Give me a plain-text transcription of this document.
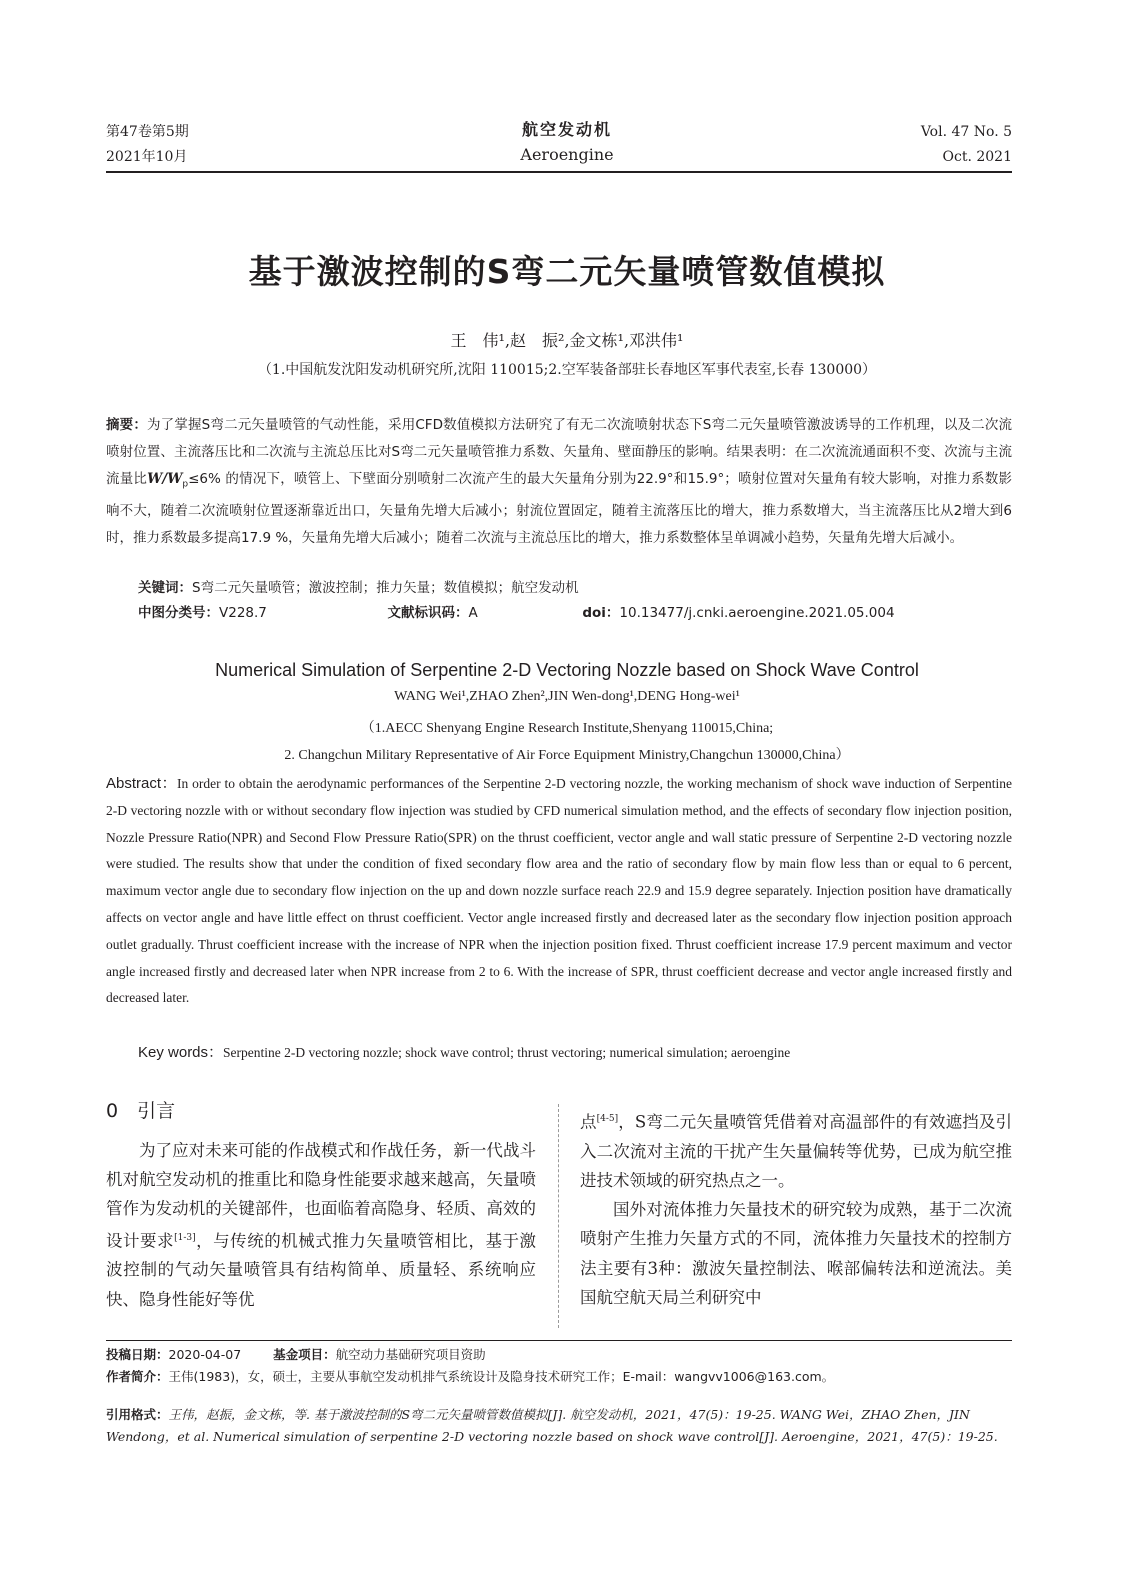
第47卷第5期
2021年10月
航空发动机
Aeroengine
Vol. 47 No. 5
Oct. 2021
基于激波控制的S弯二元矢量喷管数值模拟
王　伟¹,赵　振²,金文栋¹,邓洪伟¹
（1.中国航发沈阳发动机研究所,沈阳 110015;2.空军装备部驻长春地区军事代表室,长春 130000）
摘要：为了掌握S弯二元矢量喷管的气动性能，采用CFD数值模拟方法研究了有无二次流喷射状态下S弯二元矢量喷管激波诱导的工作机理，以及二次流喷射位置、主流落压比和二次流与主流总压比对S弯二元矢量喷管推力系数、矢量角、壁面静压的影响。结果表明：在二次流流通面积不变、次流与主流流量比$W/W_p\le 6\%$ 的情况下，喷管上、下壁面分别喷射二次流产生的最大矢量角分别为22.9°和15.9°；喷射位置对矢量角有较大影响，对推力系数影响不大，随着二次流喷射位置逐渐靠近出口，矢量角先增大后减小；射流位置固定，随着主流落压比的增大，推力系数增大，当主流落压比从2增大到6时，推力系数最多提高17.9 %，矢量角先增大后减小；随着二次流与主流总压比的增大，推力系数整体呈单调减小趋势，矢量角先增大后减小。
关键词：S弯二元矢量喷管；激波控制；推力矢量；数值模拟；航空发动机
中图分类号：V228.7	文献标识码：A	doi：10.13477/j.cnki.aeroengine.2021.05.004
Numerical Simulation of Serpentine 2-D Vectoring Nozzle based on Shock Wave Control
WANG Wei¹,ZHAO Zhen²,JIN Wen-dong¹,DENG Hong-wei¹
（1.AECC Shenyang Engine Research Institute,Shenyang 110015,China;
2. Changchun Military Representative of Air Force Equipment Ministry,Changchun 130000,China）
Abstract：In order to obtain the aerodynamic performances of the Serpentine 2-D vectoring nozzle, the working mechanism of shock wave induction of Serpentine 2-D vectoring nozzle with or without secondary flow injection was studied by CFD numerical simulation method, and the effects of secondary flow injection position, Nozzle Pressure Ratio(NPR) and Second Flow Pressure Ratio(SPR) on the thrust coefficient, vector angle and wall static pressure of Serpentine 2-D vectoring nozzle were studied. The results show that under the condition of fixed secondary flow area and the ratio of secondary flow by main flow less than or equal to 6 percent, maximum vector angle due to secondary flow injection on the up and down nozzle surface reach 22.9 and 15.9 degree separately. Injection position have dramatically affects on vector angle and have little effect on thrust coefficient. Vector angle increased firstly and decreased later as the secondary flow injection position approach outlet gradually. Thrust coefficient increase with the increase of NPR when the injection position fixed. Thrust coefficient increase 17.9 percent maximum and vector angle increased firstly and decreased later when NPR increase from 2 to 6. With the increase of SPR, thrust coefficient decrease and vector angle increased firstly and decreased later.
Key words：Serpentine 2-D vectoring nozzle; shock wave control; thrust vectoring; numerical simulation; aeroengine
0　引言
为了应对未来可能的作战模式和作战任务，新一代战斗机对航空发动机的推重比和隐身性能要求越来越高，矢量喷管作为发动机的关键部件，也面临着高隐身、轻质、高效的设计要求[1-3]，与传统的机械式推力矢量喷管相比，基于激波控制的气动矢量喷管具有结构简单、质量轻、系统响应快、隐身性能好等优
点[4-5]，S弯二元矢量喷管凭借着对高温部件的有效遮挡及引入二次流对主流的干扰产生矢量偏转等优势，已成为航空推进技术领域的研究热点之一。
国外对流体推力矢量技术的研究较为成熟，基于二次流喷射产生推力矢量方式的不同，流体推力矢量技术的控制方法主要有3种：激波矢量控制法、喉部偏转法和逆流法。美国航空航天局兰利研究中
投稿日期：2020-04-07	基金项目：航空动力基础研究项目资助
作者简介：王伟(1983)，女，硕士，主要从事航空发动机排气系统设计及隐身技术研究工作；E-mail：wangvv1006@163.com。
引用格式：王伟，赵振，金文栋，等. 基于激波控制的S弯二元矢量喷管数值模拟[J]. 航空发动机，2021，47(5)：19-25. WANG Wei，ZHAO Zhen，JIN Wendong，et al. Numerical simulation of serpentine 2-D vectoring nozzle based on shock wave control[J]. Aeroengine，2021，47(5)：19-25.
